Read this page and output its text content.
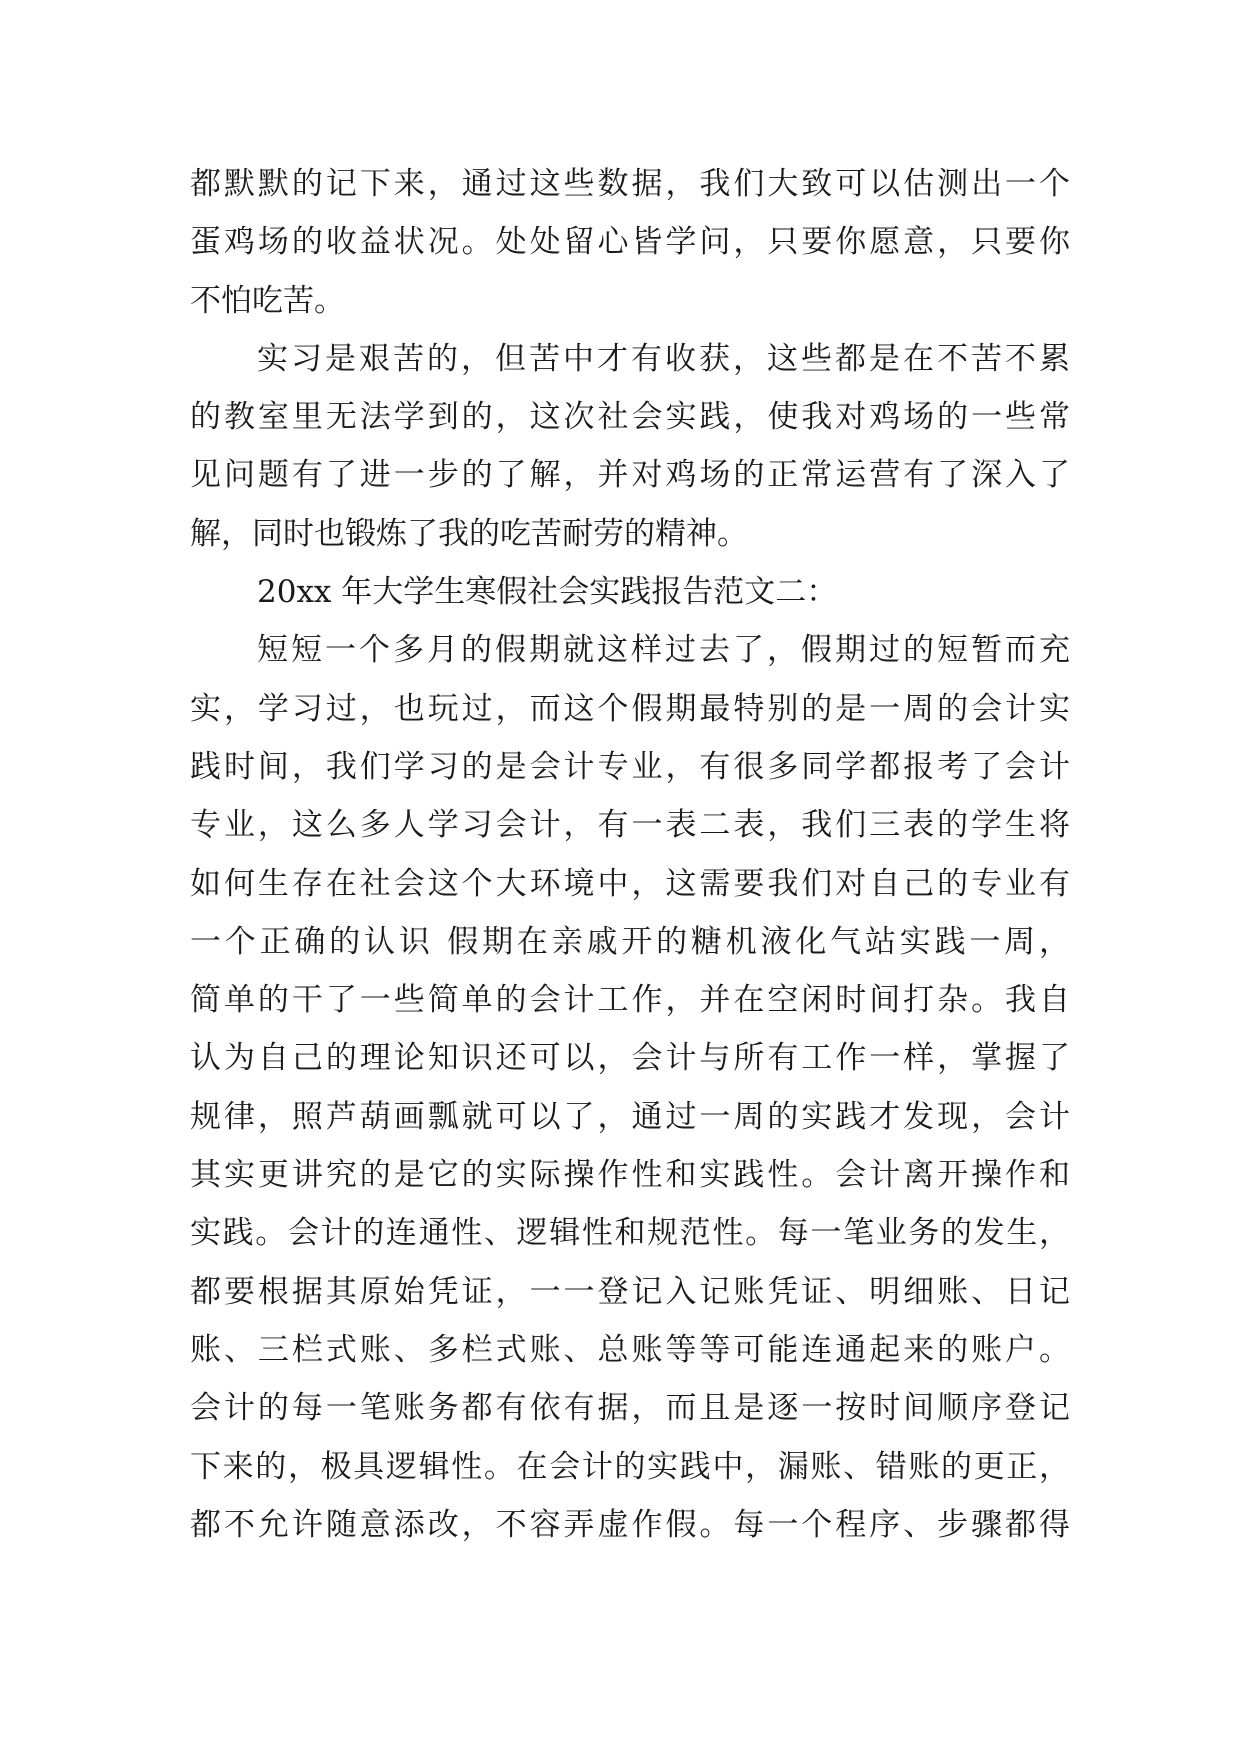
都默默的记下来，通过这些数据，我们大致可以估测出一个
蛋鸡场的收益状况。处处留心皆学问，只要你愿意，只要你
不怕吃苦。
实习是艰苦的，但苦中才有收获，这些都是在不苦不累
的教室里无法学到的，这次社会实践，使我对鸡场的一些常
见问题有了进一步的了解，并对鸡场的正常运营有了深入了
解，同时也锻炼了我的吃苦耐劳的精神。
20xx 年大学生寒假社会实践报告范文二：
短短一个多月的假期就这样过去了，假期过的短暂而充
实，学习过，也玩过，而这个假期最特别的是一周的会计实
践时间，我们学习的是会计专业，有很多同学都报考了会计
专业，这么多人学习会计，有一表二表，我们三表的学生将
如何生存在社会这个大环境中，这需要我们对自己的专业有
一个正确的认识 假期在亲戚开的糖机液化气站实践一周，
简单的干了一些简单的会计工作，并在空闲时间打杂。我自
认为自己的理论知识还可以，会计与所有工作一样，掌握了
规律，照芦葫画瓢就可以了，通过一周的实践才发现，会计
其实更讲究的是它的实际操作性和实践性。会计离开操作和
实践。会计的连通性、逻辑性和规范性。每一笔业务的发生，
都要根据其原始凭证，一一登记入记账凭证、明细账、日记
账、三栏式账、多栏式账、总账等等可能连通起来的账户。
会计的每一笔账务都有依有据，而且是逐一按时间顺序登记
下来的，极具逻辑性。在会计的实践中，漏账、错账的更正，
都不允许随意添改，不容弄虚作假。每一个程序、步骤都得
